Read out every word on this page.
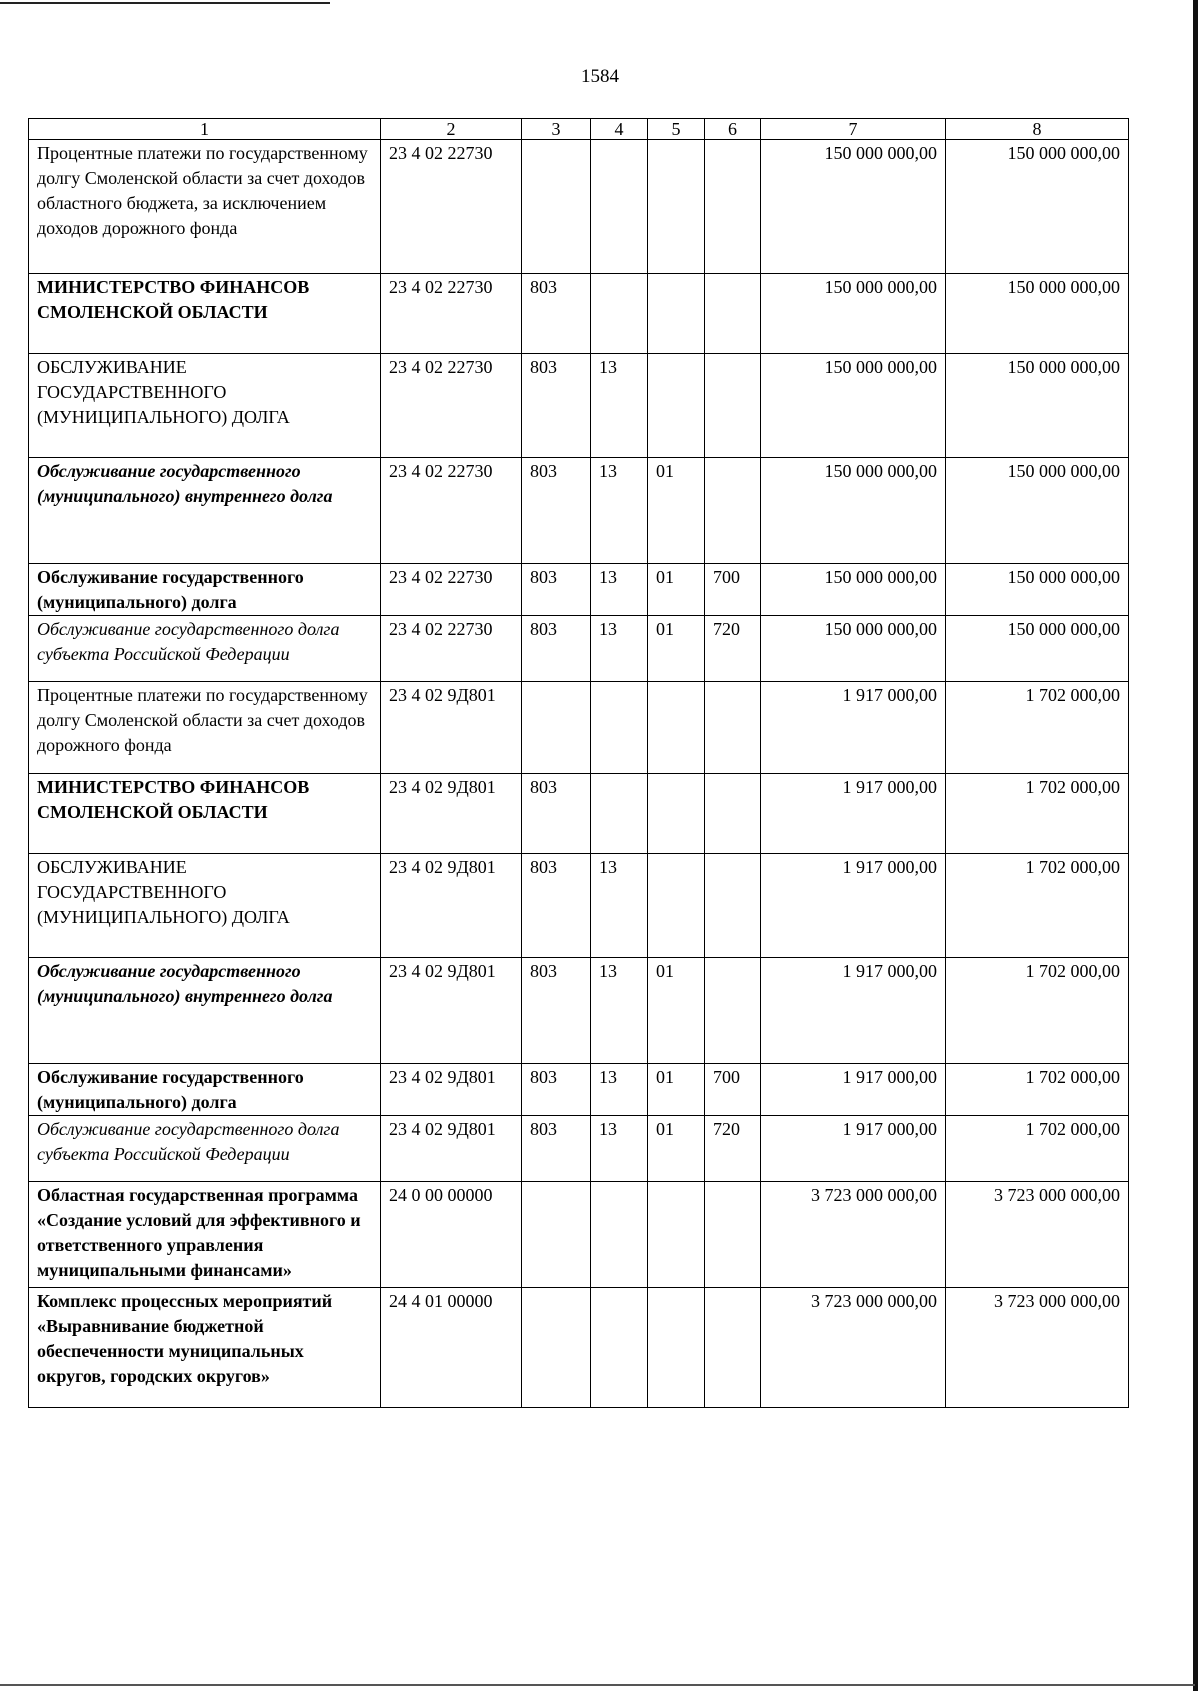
1584
1	2	3	4	5	6	7	8
Процентные платежи по государственному долгу Смоленской области за счет доходов областного бюджета, за исключением доходов дорожного фонда	23 4 02 22730					150 000 000,00	150 000 000,00
МИНИСТЕРСТВО ФИНАНСОВ СМОЛЕНСКОЙ ОБЛАСТИ	23 4 02 22730	803				150 000 000,00	150 000 000,00
ОБСЛУЖИВАНИЕ ГОСУДАРСТВЕННОГО (МУНИЦИПАЛЬНОГО) ДОЛГА	23 4 02 22730	803	13			150 000 000,00	150 000 000,00
Обслуживание государственного (муниципального) внутреннего долга	23 4 02 22730	803	13	01		150 000 000,00	150 000 000,00
Обслуживание государственного (муниципального) долга	23 4 02 22730	803	13	01	700	150 000 000,00	150 000 000,00
Обслуживание государственного долга субъекта Российской Федерации	23 4 02 22730	803	13	01	720	150 000 000,00	150 000 000,00
Процентные платежи по государственному долгу Смоленской области за счет доходов дорожного фонда	23 4 02 9Д801					1 917 000,00	1 702 000,00
МИНИСТЕРСТВО ФИНАНСОВ СМОЛЕНСКОЙ ОБЛАСТИ	23 4 02 9Д801	803				1 917 000,00	1 702 000,00
ОБСЛУЖИВАНИЕ ГОСУДАРСТВЕННОГО (МУНИЦИПАЛЬНОГО) ДОЛГА	23 4 02 9Д801	803	13			1 917 000,00	1 702 000,00
Обслуживание государственного (муниципального) внутреннего долга	23 4 02 9Д801	803	13	01		1 917 000,00	1 702 000,00
Обслуживание государственного (муниципального) долга	23 4 02 9Д801	803	13	01	700	1 917 000,00	1 702 000,00
Обслуживание государственного долга субъекта Российской Федерации	23 4 02 9Д801	803	13	01	720	1 917 000,00	1 702 000,00
Областная государственная программа «Создание условий для эффективного и ответственного управления муниципальными финансами»	24 0 00 00000					3 723 000 000,00	3 723 000 000,00
Комплекс процессных мероприятий «Выравнивание бюджетной обеспеченности муниципальных округов, городских округов»	24 4 01 00000					3 723 000 000,00	3 723 000 000,00
